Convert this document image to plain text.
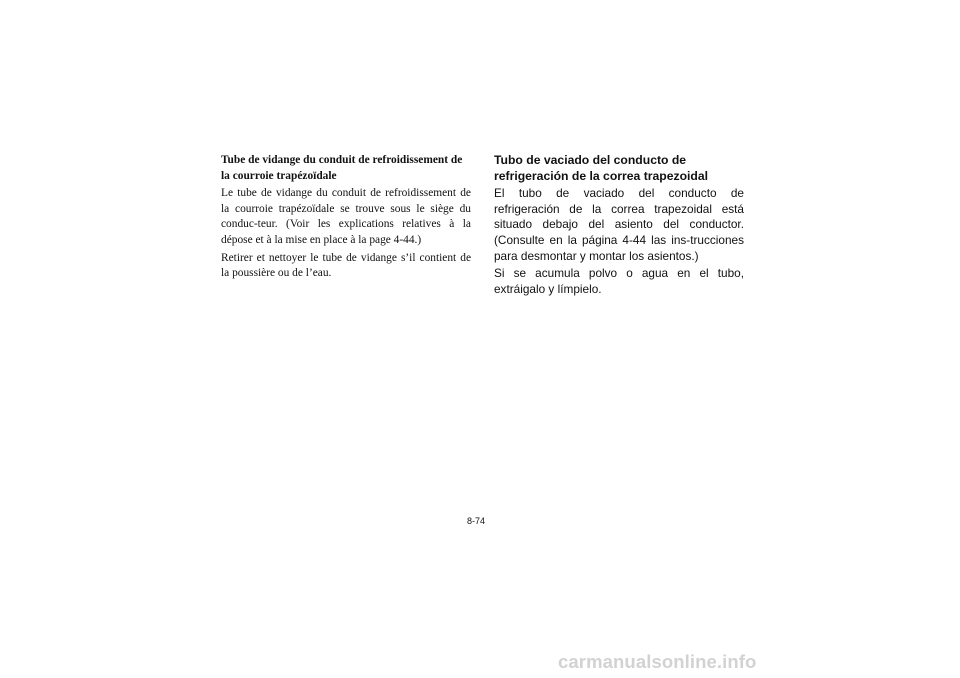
Tube de vidange du conduit de refroidissement de la courroie trapézoïdale

Le tube de vidange du conduit de refroidissement de la courroie trapézoïdale se trouve sous le siège du conduc-teur. (Voir les explications relatives à la dépose et à la mise en place à la page 4-44.)

Retirer et nettoyer le tube de vidange s’il contient de la poussière ou de l’eau.

Tubo de vaciado del conducto de refrigeración de la correa trapezoidal

El tubo de vaciado del conducto de refrigeración de la correa trapezoidal está situado debajo del asiento del conductor. (Consulte en la página 4-44 las ins-trucciones para desmontar y montar los asientos.)

Si se acumula polvo o agua en el tubo, extráigalo y límpielo.

8-74
carmanualsonline.info
